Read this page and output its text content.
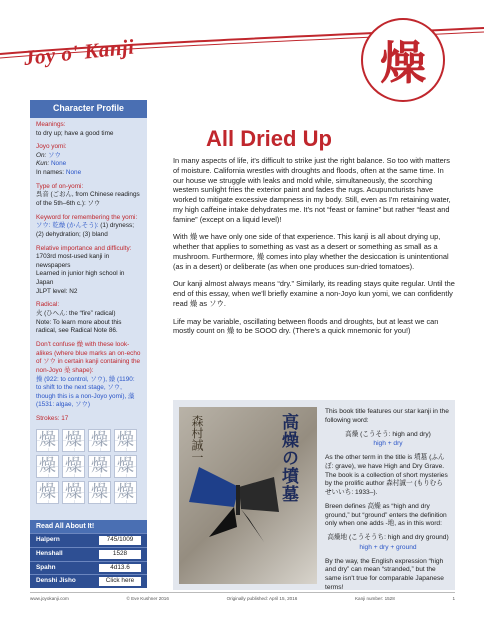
Joy o' Kanji	燥
Character Profile
Meanings:
to dry up; have a good time
Joyo yomi:
On: ソウ
Kun: None
In names: None
Type of on-yomi:
呉音 (ごおん, from Chinese readings of the 5th–6th c.): ソウ
Keyword for remembering the yomi:
ソウ: 乾燥 (かんそう): (1) dryness; (2) dehydration; (3) bland
Relative importance and difficulty:
1703rd most-used kanji in newspapers
Learned in junior high school in Japan
JLPT level: N2
Radical:
火 (ひへん: the “fire” radical)
Note: To learn more about this radical, see Radical Note 86.
Don't confuse 燥 with these look-alikes (where blue marks an on-echo of ソウ in certain kanji containing the non-Joyo 喿 shape):
操 (922: to control, ソウ), 繰 (1190: to shift to the next stage, ソウ, though this is a non-Joyo yomi), 藻 (1531: algae, ソウ)
Strokes: 17
燥 燥 燥 燥
燥 燥 燥 燥
燥 燥 燥 燥
Read All About It!
Halpern	745/1009
Henshall	1528
Spahn	4d13.6
Denshi Jisho	Click here
All Dried Up

In many aspects of life, it's difficult to strike just the right balance. So too with matters of moisture. California wrestles with droughts and floods, often at the same time. In our house we struggle with leaks and mold while, simultaneously, the scorching western sunlight fries the exterior paint and fades the rugs. Acupuncturists have worked to mitigate excessive dampness in my body. Still, even as I'm retaining water, my high caffeine intake dehydrates me. It's not “feast or famine” but rather “feast and famine” (except on a liquid level)!

With 燥 we have only one side of that experience. This kanji is all about drying up, whether that applies to something as vast as a desert or something as small as a mushroom. Furthermore, 燥 comes into play whether the desiccation is unintentional (as in a desert) or deliberate (as when one produces sun-dried tomatoes).

Our kanji almost always means “dry.” Similarly, its reading stays quite regular. Until the end of this essay, when we'll briefly examine a non-Joyo kun yomi, we can confidently read 燥 as ソウ.

Life may be variable, oscillating between floods and droughts, but at least we can mostly count on 燥 to be SOOO dry. (There's a quick mnemonic for you!)

高燥の墳墓
森村誠一

This book title features our star kanji in the following word:

高燥 (こうそう: high and dry)

high + dry

As the other term in the title is 墳墓 (ふんぼ: grave), we have High and Dry Grave. The book is a collection of short mysteries by the prolific author 森村誠一 (もりむら せいいち: 1933–).

Breen defines 高燥 as “high and dry ground,” but “ground” enters the definition only when one adds -地, as in this word:

高燥地 (こうそうち: high and dry ground)

high + dry + ground

By the way, the English expression “high and dry” can mean “stranded,” but the same isn't true for comparable Japanese terms!

www.joyokanji.com	© Eve Kushner 2016	Originally published: April 15, 2016	Kanji number: 1528	1
